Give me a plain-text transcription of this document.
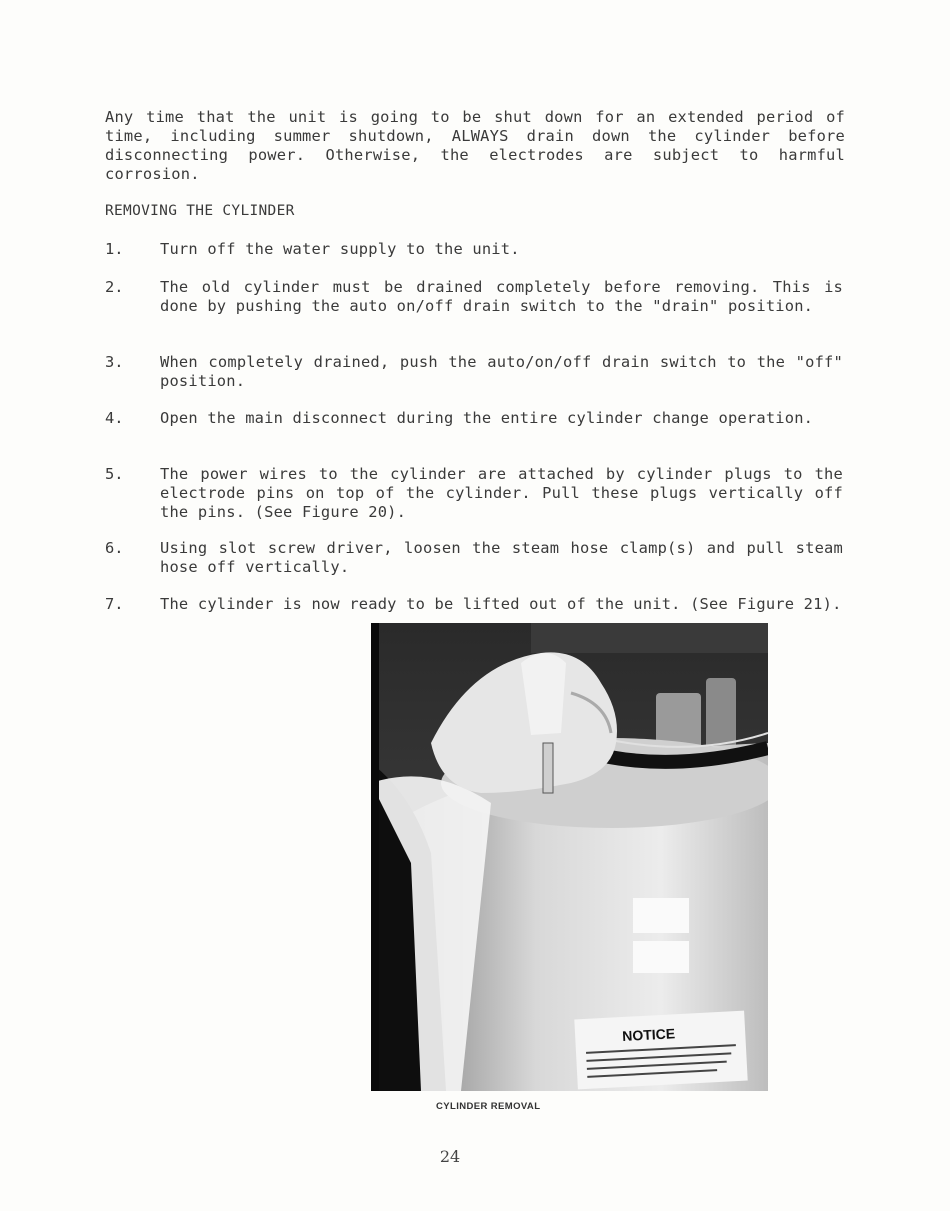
Any time that the unit is going to be shut down for an extended period of time, including summer shutdown, ALWAYS drain down the cylinder before disconnecting power. Otherwise, the electrodes are subject to harmful corrosion.

REMOVING THE CYLINDER

1.	Turn off the water supply to the unit.
2.	The old cylinder must be drained completely before removing. This is done by pushing the auto on/off drain switch to the "drain" position.
3.	When completely drained, push the auto/on/off drain switch to the "off" position.
4.	Open the main disconnect during the entire cylinder change operation.
5.	The power wires to the cylinder are attached by cylinder plugs to the electrode pins on top of the cylinder. Pull these plugs vertically off the pins. (See Figure 20).
6.	Using slot screw driver, loosen the steam hose clamp(s) and pull steam hose off vertically.
7.	The cylinder is now ready to be lifted out of the unit. (See Figure 21).
NOTICE
CYLINDER REMOVAL
24
